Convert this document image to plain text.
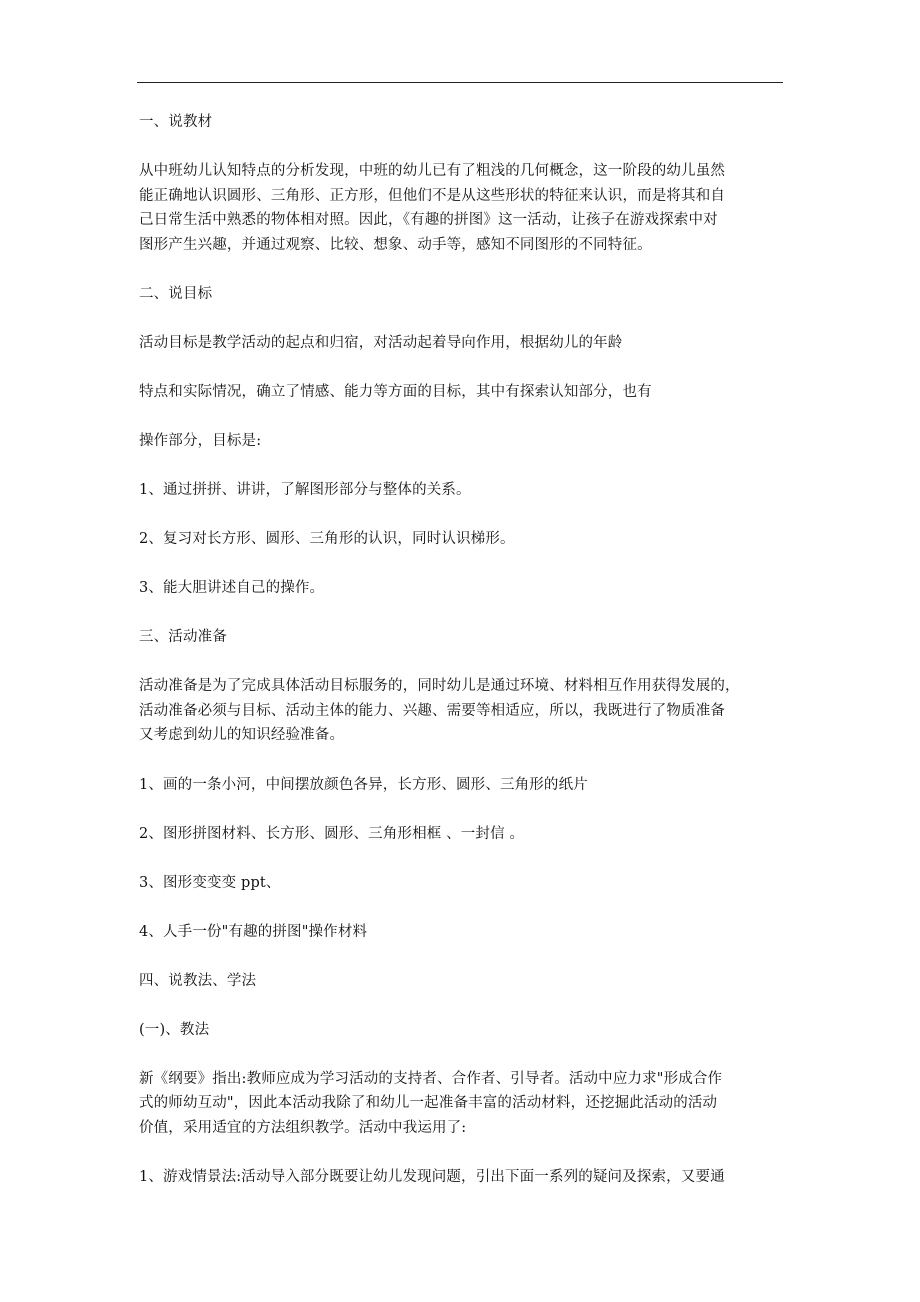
一、说教材

从中班幼儿认知特点的分析发现，中班的幼儿已有了粗浅的几何概念，这一阶段的幼儿虽然
能正确地认识圆形、三角形、正方形，但他们不是从这些形状的特征来认识，而是将其和自
己日常生活中熟悉的物体相对照。因此，《有趣的拼图》这一活动，让孩子在游戏探索中对
图形产生兴趣，并通过观察、比较、想象、动手等，感知不同图形的不同特征。

二、说目标

活动目标是教学活动的起点和归宿，对活动起着导向作用，根据幼儿的年龄

特点和实际情况，确立了情感、能力等方面的目标，其中有探索认知部分，也有

操作部分，目标是:

1、通过拼拼、讲讲，了解图形部分与整体的关系。

2、复习对长方形、圆形、三角形的认识，同时认识梯形。

3、能大胆讲述自己的操作。

三、活动准备

活动准备是为了完成具体活动目标服务的，同时幼儿是通过环境、材料相互作用获得发展的，
活动准备必须与目标、活动主体的能力、兴趣、需要等相适应，所以，我既进行了物质准备
又考虑到幼儿的知识经验准备。

1、画的一条小河，中间摆放颜色各异，长方形、圆形、三角形的纸片

2、图形拼图材料、长方形、圆形、三角形相框 、一封信 。

3、图形变变变 ppt、

4、人手一份"有趣的拼图"操作材料

四、说教法、学法

(一)、教法

新《纲要》指出:教师应成为学习活动的支持者、合作者、引导者。活动中应力求"形成合作
式的师幼互动"，因此本活动我除了和幼儿一起准备丰富的活动材料，还挖掘此活动的活动
价值，采用适宜的方法组织教学。活动中我运用了:

1、游戏情景法:活动导入部分既要让幼儿发现问题，引出下面一系列的疑问及探索，又要通
